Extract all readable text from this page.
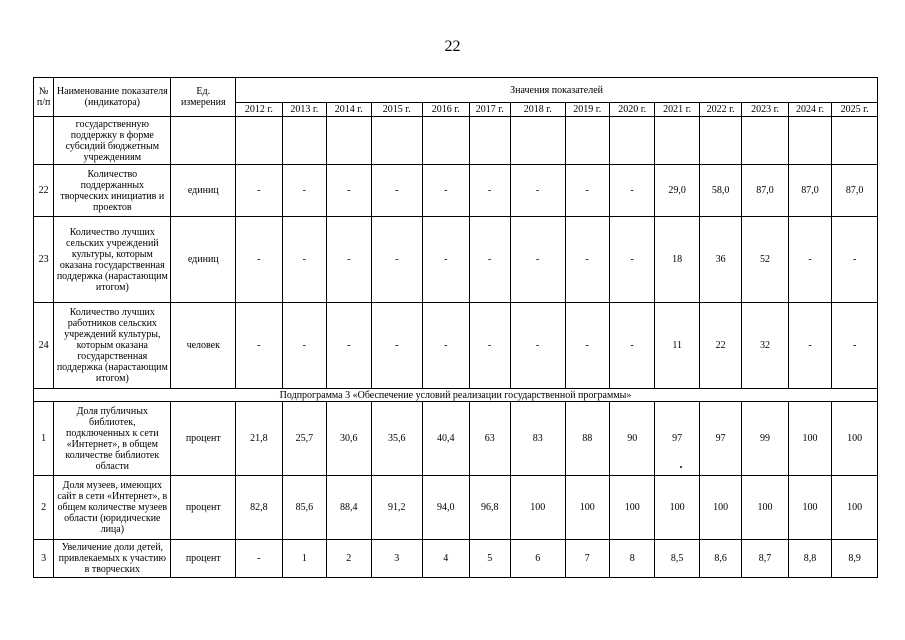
22
№ п/п	Наименование показателя (индикатора)	Ед. измерения	Значения показателей													
			2012 г.	2013 г.	2014 г.	2015 г.	2016 г.	2017 г.	2018 г.	2019 г.	2020 г.	2021 г.	2022 г.	2023 г.	2024 г.	2025 г.
	государственную поддержку в форме субсидий бюджетным учреждениям															
22	Количество поддержанных творческих инициатив и проектов	единиц	-	-	-	-	-	-	-	-	-	29,0	58,0	87,0	87,0	87,0
23	Количество лучших сельских учреждений культуры, которым оказана государственная поддержка (нарастающим итогом)	единиц	-	-	-	-	-	-	-	-	-	18	36	52	-	-
24	Количество лучших работников сельских учреждений культуры, которым оказана государственная поддержка (нарастающим итогом)	человек	-	-	-	-	-	-	-	-	-	11	22	32	-	-
Подпрограмма 3 «Обеспечение условий реализации государственной программы»																
1	Доля публичных библиотек, подключенных к сети «Интернет», в общем количестве библиотек области	процент	21,8	25,7	30,6	35,6	40,4	63	83	88	90	97	97	99	100	100
2	Доля музеев, имеющих сайт в сети «Интернет», в общем количестве музеев области (юридические лица)	процент	82,8	85,6	88,4	91,2	94,0	96,8	100	100	100	100	100	100	100	100
3	Увеличение доли детей, привлекаемых к участию в творческих	процент	-	1	2	3	4	5	6	7	8	8,5	8,6	8,7	8,8	8,9
